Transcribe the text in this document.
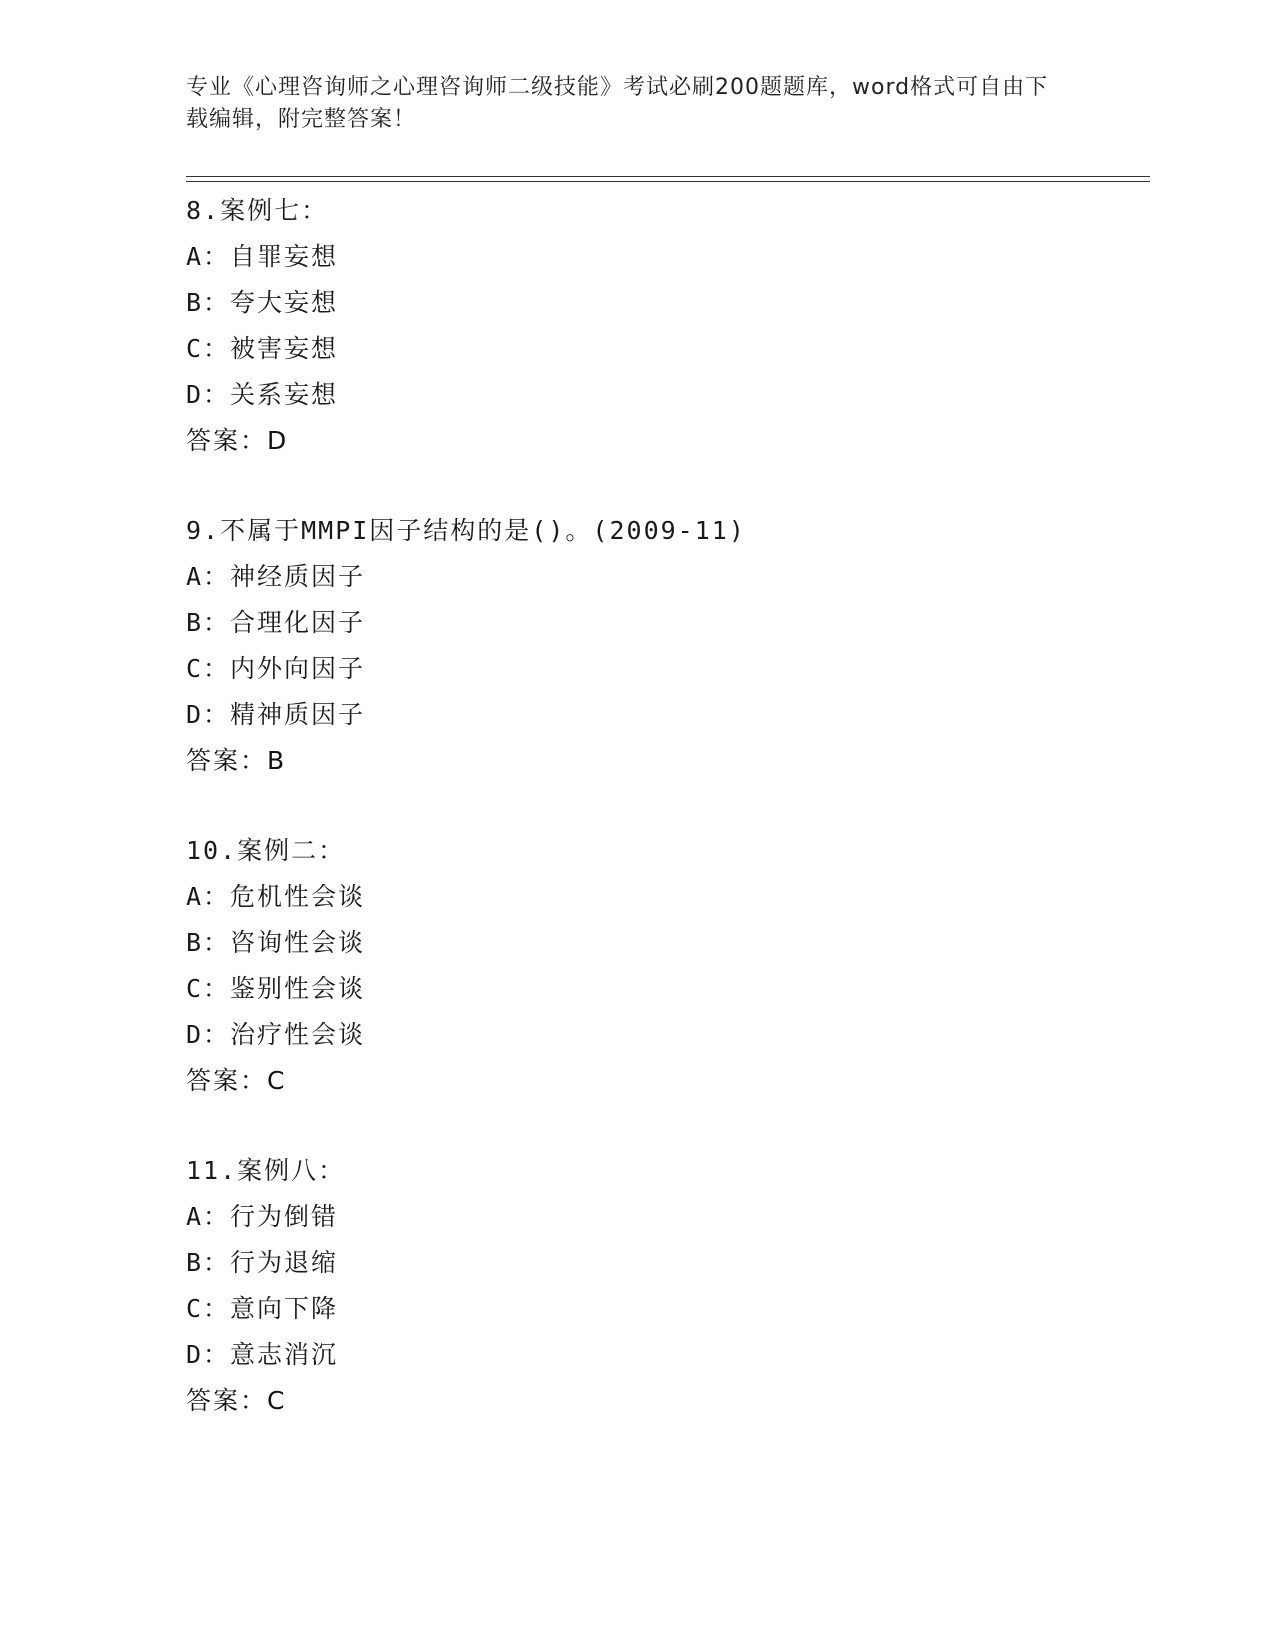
专业《心理咨询师之心理咨询师二级技能》考试必刷200题题库，word格式可自由下载编辑，附完整答案！
8.案例七：
A：自罪妄想
B：夸大妄想
C：被害妄想
D：关系妄想
答案：D
9.不属于MMPI因子结构的是()。(2009-11)
A：神经质因子
B：合理化因子
C：内外向因子
D：精神质因子
答案：B
10.案例二：
A：危机性会谈
B：咨询性会谈
C：鉴别性会谈
D：治疗性会谈
答案：C
11.案例八：
A：行为倒错
B：行为退缩
C：意向下降
D：意志消沉
答案：C
